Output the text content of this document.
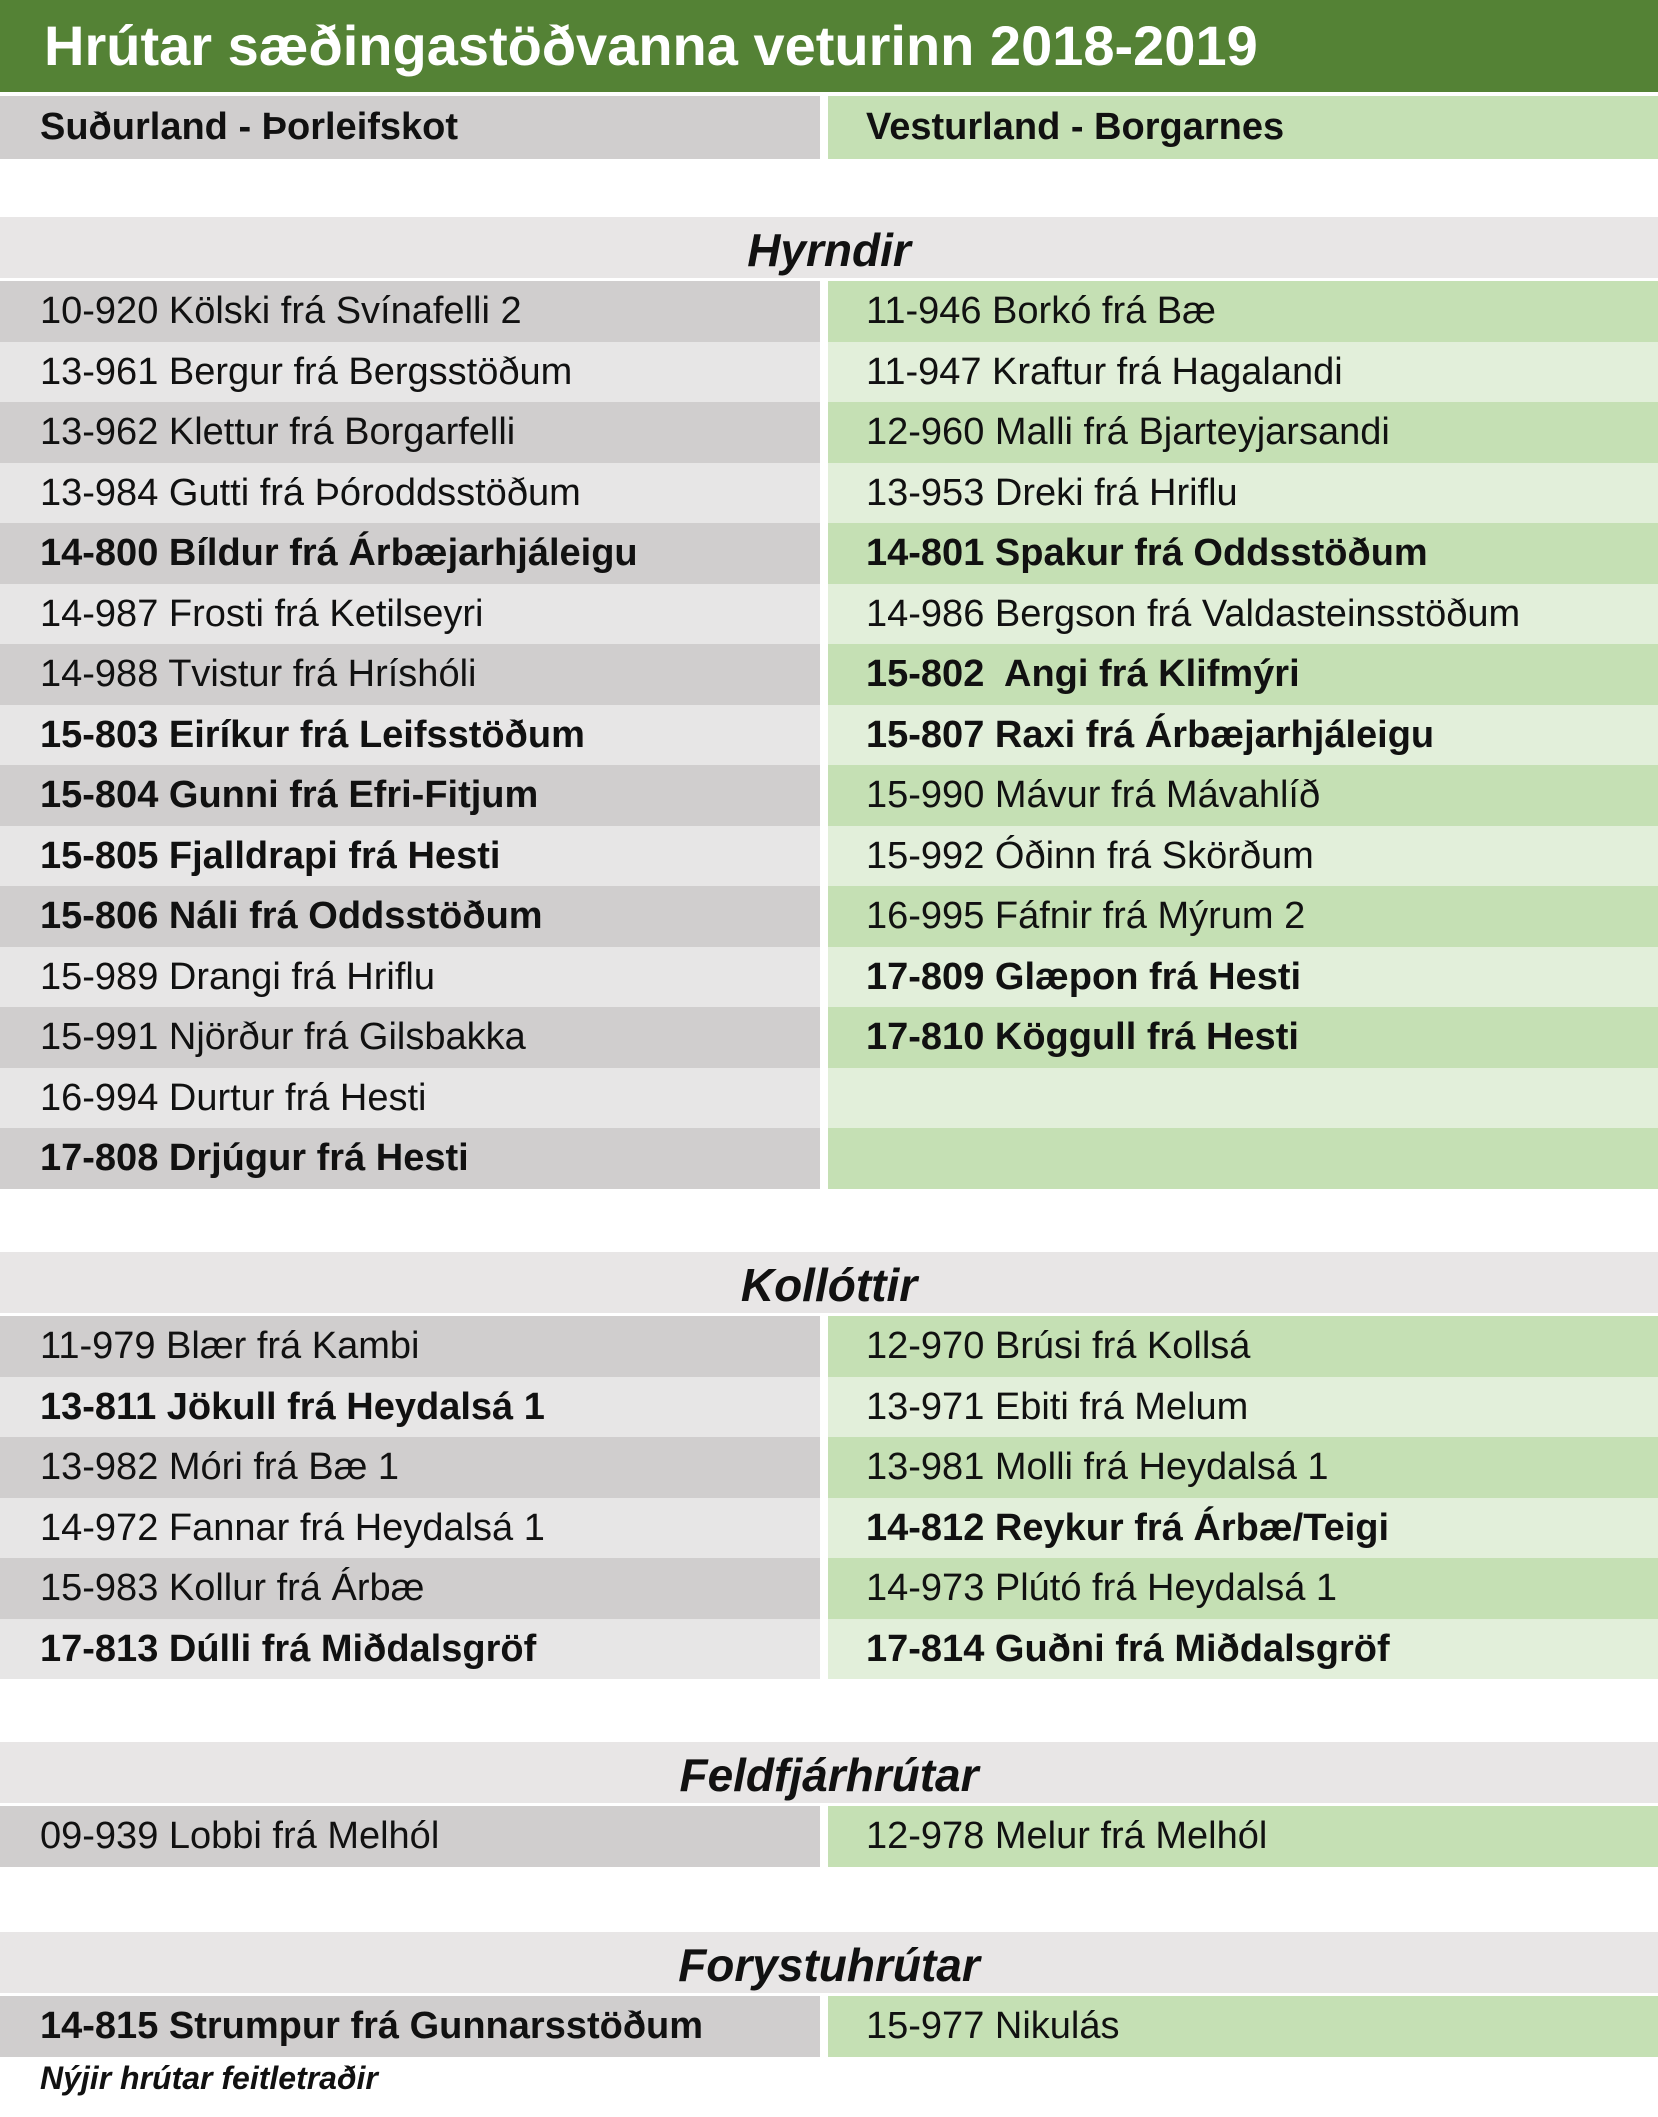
Hrútar sæðingastöðvanna veturinn 2018-2019
Suðurland - Þorleifskot	Vesturland - Borgarnes
Hyrndir
10-920 Kölski frá Svínafelli 2	11-946 Borkó frá Bæ
13-961 Bergur frá Bergsstöðum	11-947 Kraftur frá Hagalandi
13-962 Klettur frá Borgarfelli	12-960 Malli frá Bjarteyjarsandi
13-984 Gutti frá Þóroddsstöðum	13-953 Dreki frá Hriflu
14-800 Bíldur frá Árbæjarhjáleigu	14-801 Spakur frá Oddsstöðum
14-987 Frosti frá Ketilseyri	14-986 Bergson frá Valdasteinsstöðum
14-988 Tvistur frá Hríshóli	15-802  Angi frá Klifmýri
15-803 Eiríkur frá Leifsstöðum	15-807 Raxi frá Árbæjarhjáleigu
15-804 Gunni frá Efri-Fitjum	15-990 Mávur frá Mávahlíð
15-805 Fjalldrapi frá Hesti	15-992 Óðinn frá Skörðum
15-806 Náli frá Oddsstöðum	16-995 Fáfnir frá Mýrum 2
15-989 Drangi frá Hriflu	17-809 Glæpon frá Hesti
15-991 Njörður frá Gilsbakka	17-810 Köggull frá Hesti
16-994 Durtur frá Hesti
17-808 Drjúgur frá Hesti
Kollóttir
11-979 Blær frá Kambi	12-970 Brúsi frá Kollsá
13-811 Jökull frá Heydalsá 1	13-971 Ebiti frá Melum
13-982 Móri frá Bæ 1	13-981 Molli frá Heydalsá 1
14-972 Fannar frá Heydalsá 1	14-812 Reykur frá Árbæ/Teigi
15-983 Kollur frá Árbæ	14-973 Plútó frá Heydalsá 1
17-813 Dúlli frá Miðdalsgröf	17-814 Guðni frá Miðdalsgröf
Feldfjárhrútar
09-939 Lobbi frá Melhól	12-978 Melur frá Melhól
Forystuhrútar
14-815 Strumpur frá Gunnarsstöðum	15-977 Nikulás
Nýjir hrútar feitletraðir
